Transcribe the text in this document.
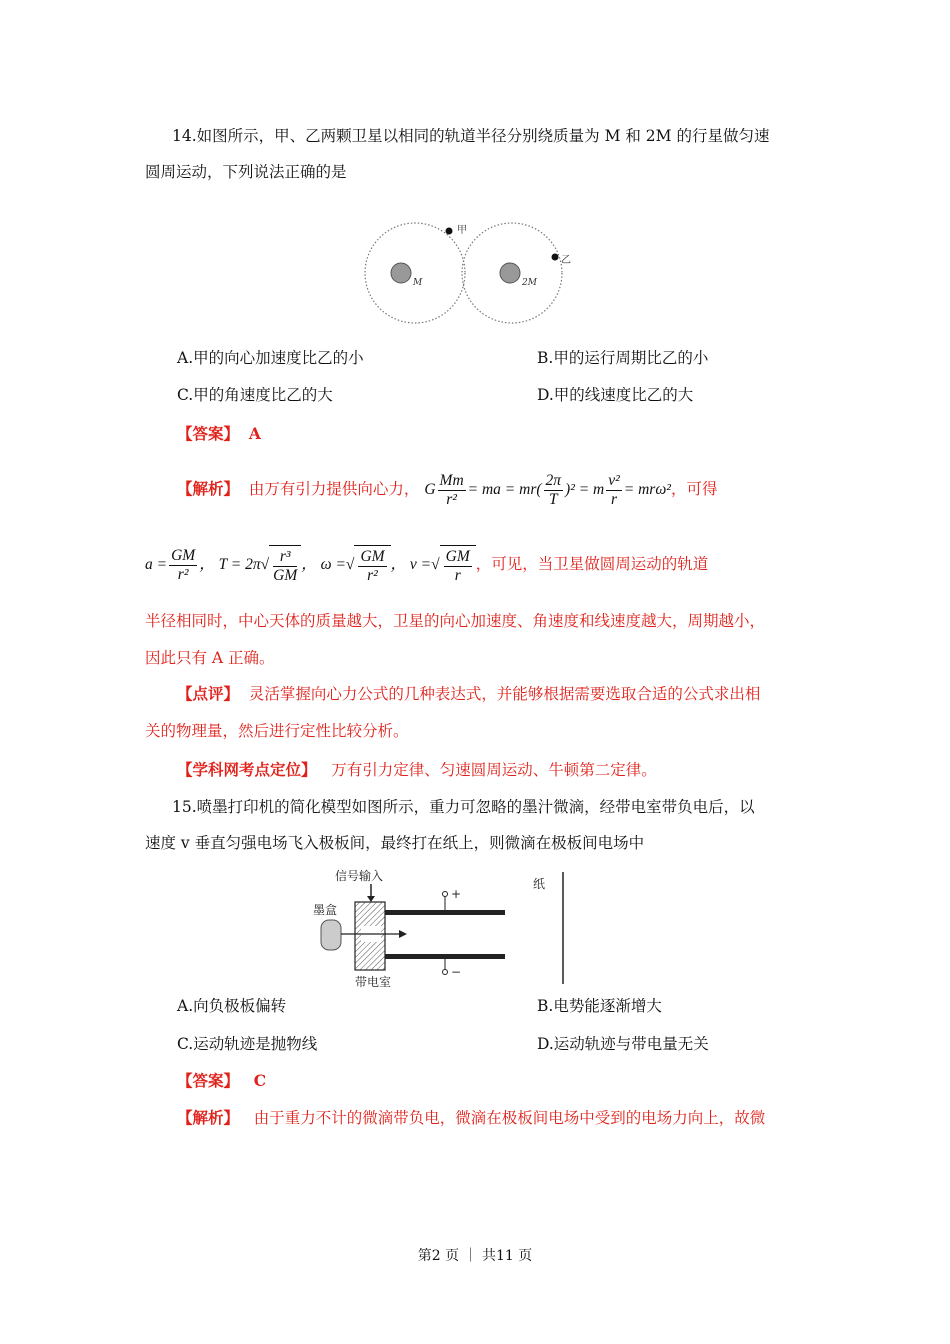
14.如图所示，甲、乙两颗卫星以相同的轨道半径分别绕质量为 M 和 2M 的行星做匀速
圆周运动，下列说法正确的是
甲
乙
M	2M
A.甲的向心加速度比乙的小	B.甲的运行周期比乙的小
C.甲的角速度比乙的大	D.甲的线速度比乙的大
【答案】 A
【解析】 由万有引力提供向心力， G $\frac{Mm}{\text{r²}}$ = ma = $mr( \frac{2\pi}{T} )^2 = m \frac{\text{v²}}{r} = mr\omega^2$，可得
$a = \frac{GM}{\text{r²}}$ ， $T = 2\pi√ \frac{\text{r³}}{GM}$ ， ω =√ $\frac{GM}{\text{r²}}$ ， v =√ $\frac{GM}{r}$ ，可见，当卫星做圆周运动的轨道
半径相同时，中心天体的质量越大，卫星的向心加速度、角速度和线速度越大，周期越小，
因此只有 A 正确。
【点评】 灵活掌握向心力公式的几种表达式，并能够根据需要选取合适的公式求出相
关的物理量，然后进行定性比较分析。
【学科网考点定位】 万有引力定律、匀速圆周运动、牛顿第二定律。
15.喷墨打印机的简化模型如图所示，重力可忽略的墨汁微滴，经带电室带负电后，以
速度 v 垂直匀强电场飞入极板间，最终打在纸上，则微滴在极板间电场中
信号输入
墨盒
+
−
带电室
纸
A.向负极板偏转	B.电势能逐渐增大
C.运动轨迹是抛物线	D.运动轨迹与带电量无关
【答案】 C
【解析】 由于重力不计的微滴带负电，微滴在极板间电场中受到的电场力向上，故微
第2 页 ｜ 共11 页
